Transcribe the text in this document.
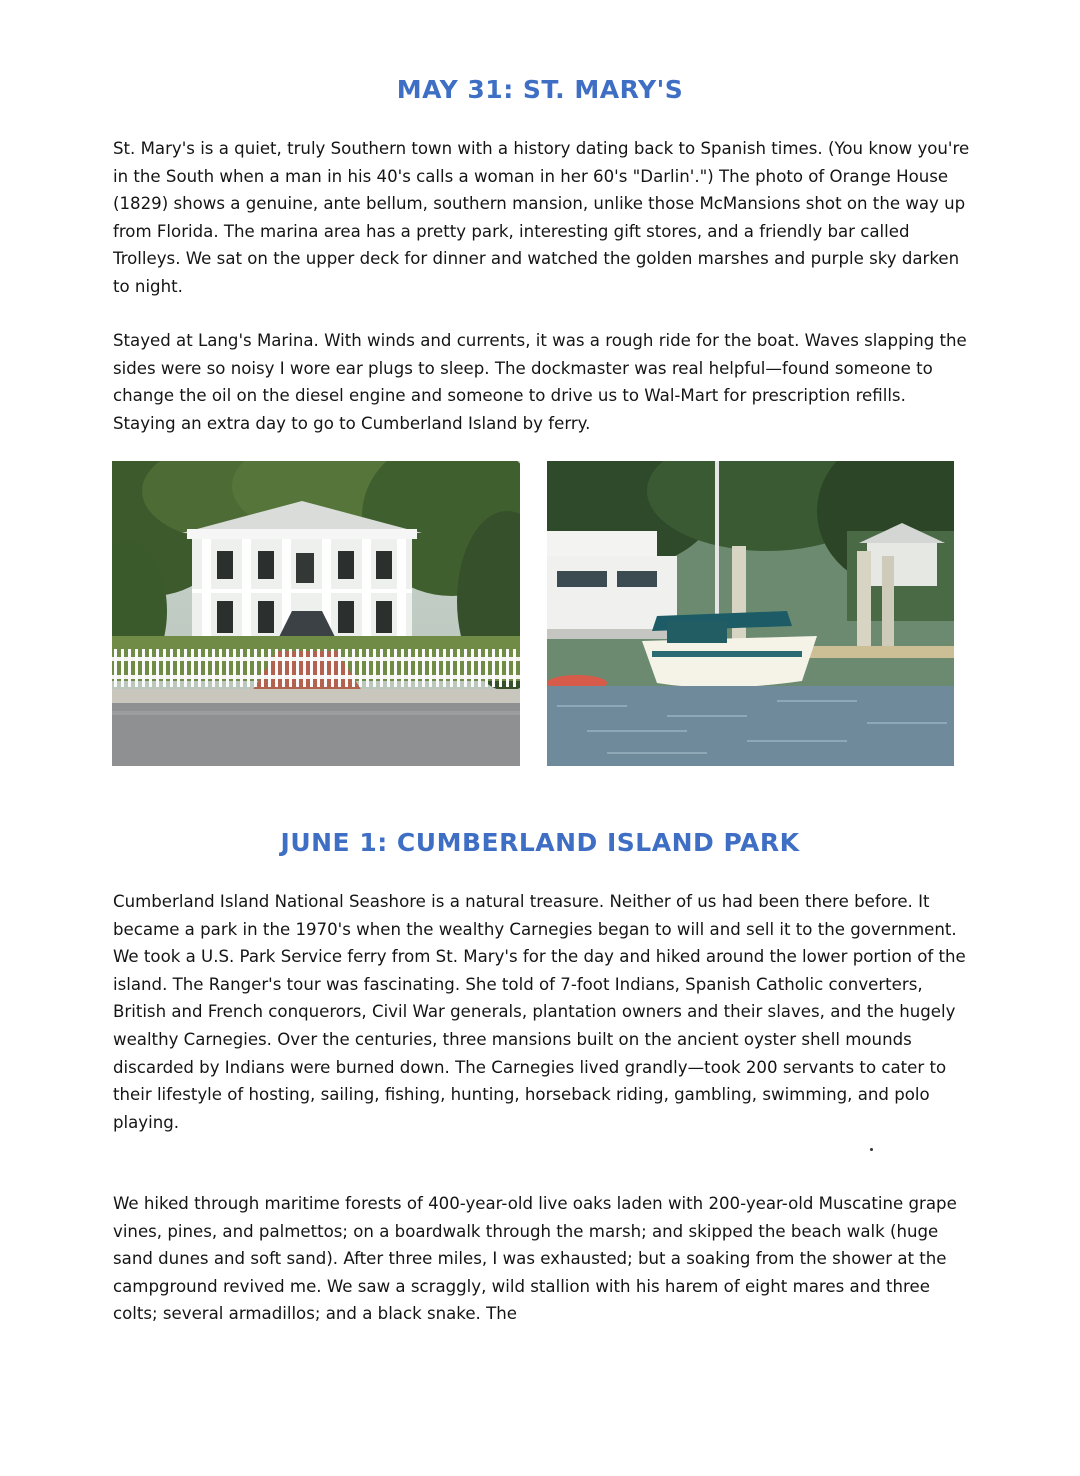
MAY 31: ST. MARY'S

St. Mary's is a quiet, truly Southern town with a history dating back to Spanish times. (You know you're in the South when a man in his 40's calls a woman in her 60's "Darlin'.") The photo of Orange House (1829) shows a genuine, ante bellum, southern mansion, unlike those McMansions shot on the way up from Florida. The marina area has a pretty park, interesting gift stores, and a friendly bar called Trolleys. We sat on the upper deck for dinner and watched the golden marshes and purple sky darken to night.

Stayed at Lang's Marina. With winds and currents, it was a rough ride for the boat. Waves slapping the sides were so noisy I wore ear plugs to sleep. The dockmaster was real helpful—found someone to change the oil on the diesel engine and someone to drive us to Wal-Mart for prescription refills. Staying an extra day to go to Cumberland Island by ferry.

JUNE 1: CUMBERLAND ISLAND PARK

Cumberland Island National Seashore is a natural treasure. Neither of us had been there before. It became a park in the 1970's when the wealthy Carnegies began to will and sell it to the government. We took a U.S. Park Service ferry from St. Mary's for the day and hiked around the lower portion of the island. The Ranger's tour was fascinating. She told of 7-foot Indians, Spanish Catholic converters, British and French conquerors, Civil War generals, plantation owners and their slaves, and the hugely wealthy Carnegies. Over the centuries, three mansions built on the ancient oyster shell mounds discarded by Indians were burned down. The Carnegies lived grandly—took 200 servants to cater to their lifestyle of hosting, sailing, fishing, hunting, horseback riding, gambling, swimming, and polo playing.

We hiked through maritime forests of 400-year-old live oaks laden with 200-year-old Muscatine grape vines, pines, and palmettos; on a boardwalk through the marsh; and skipped the beach walk (huge sand dunes and soft sand). After three miles, I was exhausted; but a soaking from the shower at the campground revived me. We saw a scraggly, wild stallion with his harem of eight mares and three colts; several armadillos; and a black snake. The
